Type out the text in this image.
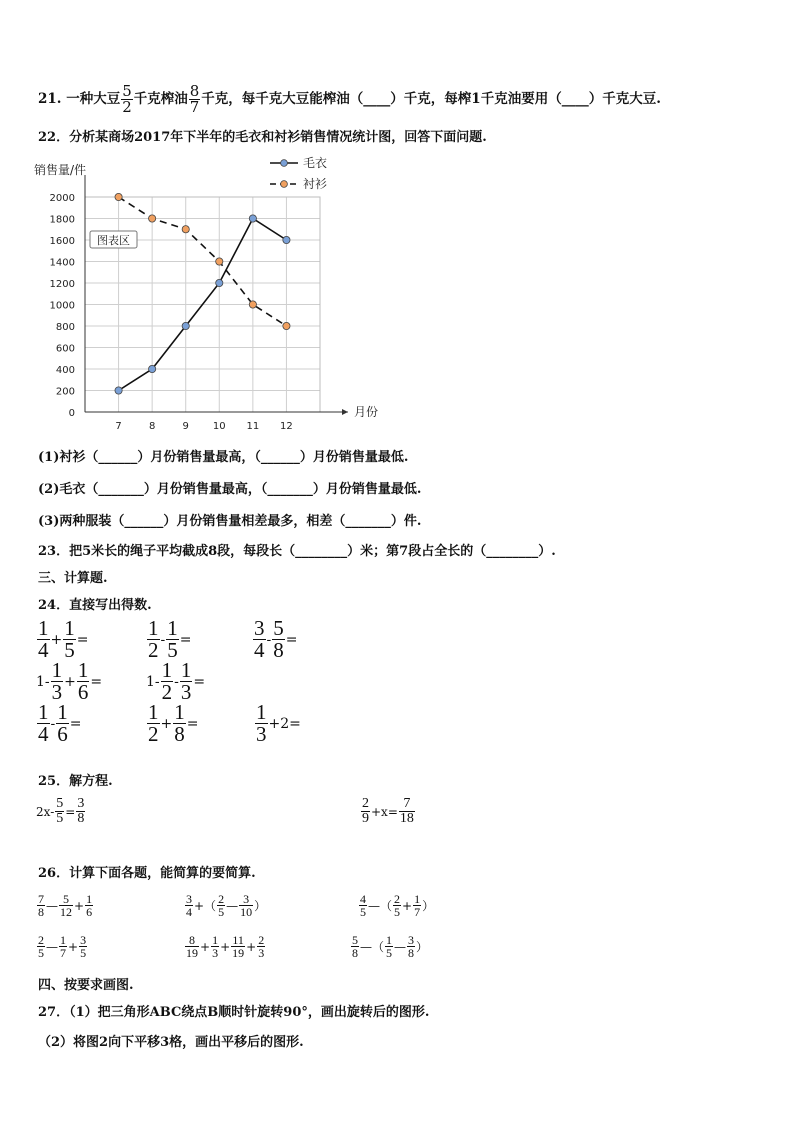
21. 一种大豆 $\frac{5}{2}$ 千克榨油 $\frac{8}{7}$ 千克，每千克大豆能榨油（____）千克，每榨1千克油要用（____）千克大豆.
22．分析某商场2017年下半年的毛衣和衬衫销售情况统计图，回答下面问题.
0
200
400
600
800
1000
1200
1400
1600
1800
2000
7	8	9 10 11 12
毛衣
衬衫
销售量/件
月份
图表区
(1)衬衫（______）月份销售量最高，（______）月份销售量最低.
(2)毛衣（_______）月份销售量最高，（_______）月份销售量最低.
(3)两种服装（______）月份销售量相差最多，相差（_______）件.
23．把5米长的绳子平均截成8段，每段长（________）米；第7段占全长的（________）.
三、计算题.
24．直接写出得数.
$\frac{1}{4} + \frac{1}{5}$ =	$\frac{1}{2} - \frac{1}{5}$ =	$\frac{3}{4} - \frac{5}{8}$ =
$1- \frac{1}{3} + \frac{1}{6}$ =	$1- \frac{1}{2} - \frac{1}{3}$ =
$\frac{1}{4} - \frac{1}{6}$ =	$\frac{1}{2} + \frac{1}{8}$ =	$\frac{1}{3} +2=$
25．解方程.
$2x- \frac{5}{5} = \frac{3}{8}$	$\frac{2}{9} +x= \frac{7}{18}$
26．计算下面各题，能简算的要简算.
$\frac{7}{8}$ — $\frac{5}{12} + \frac{1}{6}$	$\frac{3}{4}$ +（ $\frac{2}{5}$ — $\frac{3}{10}$ ）	$\frac{4}{5}$ —（ $\frac{2}{5} + \frac{1}{7}$ ）
$\frac{2}{5}$ — $\frac{1}{7} + \frac{3}{5}$	$\frac{8}{19} + \frac{1}{3} + \frac{11}{19} + \frac{2}{3}$	$\frac{5}{8}$ —（ $\frac{1}{5}$ — $\frac{3}{8}$ ）
四、按要求画图.
27．（1）把三角形ABC绕点B顺时针旋转90°，画出旋转后的图形.
（2）将图2向下平移3格，画出平移后的图形.
